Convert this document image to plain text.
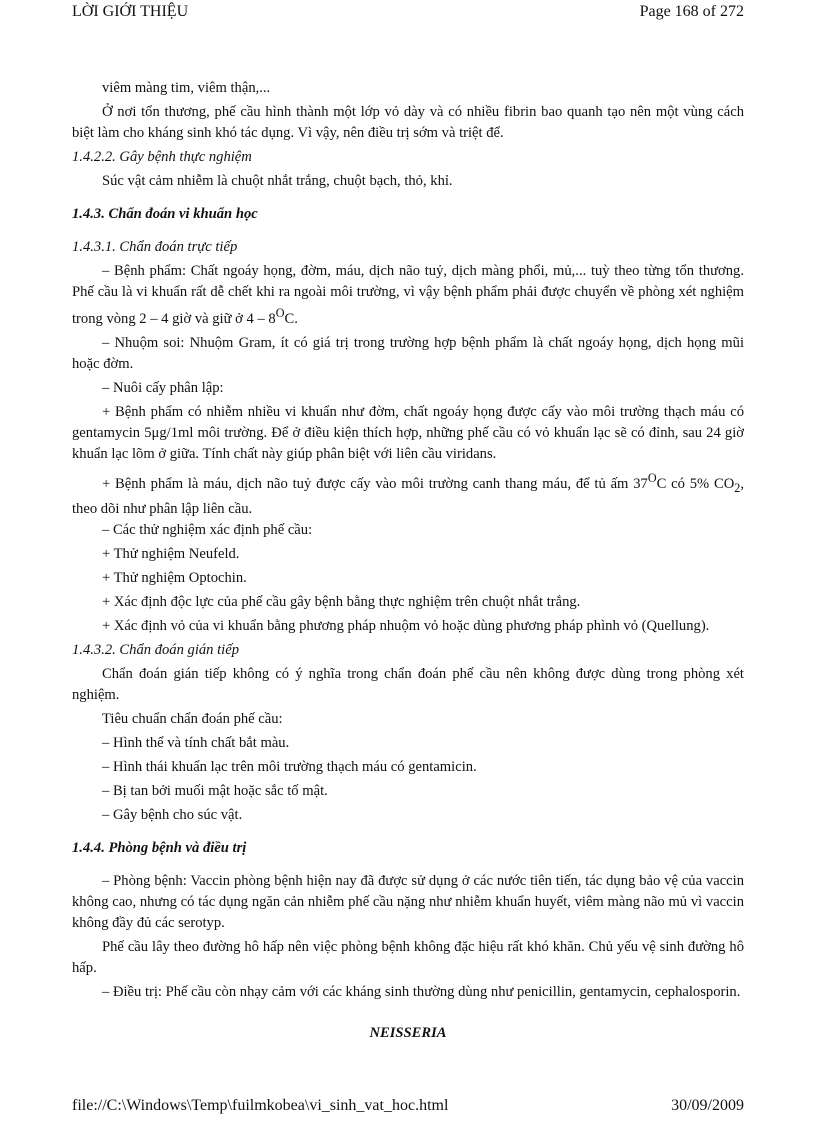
LỜI GIỚI THIỆU	Page 168 of 272

viêm màng tim, viêm thận,...

Ở nơi tổn thương, phế cầu hình thành một lớp vỏ dày và có nhiều fibrin bao quanh tạo nên một vùng cách biệt làm cho kháng sinh khó tác dụng. Vì vậy, nên điều trị sớm và triệt để.

1.4.2.2. Gây bệnh thực nghiệm

Súc vật cảm nhiễm là chuột nhắt trắng, chuột bạch, thỏ, khỉ.

1.4.3. Chẩn đoán vi khuẩn học

1.4.3.1. Chẩn đoán trực tiếp

– Bệnh phẩm: Chất ngoáy họng, đờm, máu, dịch não tuỷ, dịch màng phổi, mủ,... tuỳ theo từng tổn thương. Phế cầu là vi khuẩn rất dễ chết khi ra ngoài môi trường, vì vậy bệnh phẩm phải được chuyển về phòng xét nghiệm trong vòng 2 – 4 giờ và giữ ở $4 - 8^OC$.

– Nhuộm soi: Nhuộm Gram, ít có giá trị trong trường hợp bệnh phẩm là chất ngoáy họng, dịch họng mũi hoặc đờm.

– Nuôi cấy phân lập:

+ Bệnh phẩm có nhiễm nhiều vi khuẩn như đờm, chất ngoáy họng được cấy vào môi trường thạch máu có gentamycin 5μg/1ml môi trường. Để ở điều kiện thích hợp, những phế cầu có vỏ khuẩn lạc sẽ có đỉnh, sau 24 giờ khuẩn lạc lõm ở giữa. Tính chất này giúp phân biệt với liên cầu viridans.

+ Bệnh phẩm là máu, dịch não tuỷ được cấy vào môi trường canh thang máu, để tủ ấm $37^OC$ có 5% $CO_2$, theo dõi như phân lập liên cầu.

– Các thử nghiệm xác định phế cầu:

+ Thử nghiệm Neufeld.

+ Thử nghiệm Optochin.

+ Xác định độc lực của phế cầu gây bệnh bằng thực nghiệm trên chuột nhắt trắng.

+ Xác định vỏ của vi khuẩn bằng phương pháp nhuộm vỏ hoặc dùng phương pháp phình vỏ (Quellung).

1.4.3.2. Chẩn đoán gián tiếp

Chẩn đoán gián tiếp không có ý nghĩa trong chẩn đoán phế cầu nên không được dùng trong phòng xét nghiệm.

Tiêu chuẩn chẩn đoán phế cầu:

– Hình thể và tính chất bắt màu.

– Hình thái khuẩn lạc trên môi trường thạch máu có gentamicin.

– Bị tan bởi muối mật hoặc sắc tố mật.

– Gây bệnh cho súc vật.

1.4.4. Phòng bệnh và điều trị

– Phòng bệnh: Vaccin phòng bệnh hiện nay đã được sử dụng ở các nước tiên tiến, tác dụng bảo vệ của vaccin không cao, nhưng có tác dụng ngăn cản nhiễm phế cầu nặng như nhiễm khuẩn huyết, viêm màng não mủ vì vaccin không đầy đủ các serotyp.

Phế cầu lây theo đường hô hấp nên việc phòng bệnh không đặc hiệu rất khó khăn. Chủ yếu vệ sinh đường hô hấp.

– Điều trị: Phế cầu còn nhạy cảm với các kháng sinh thường dùng như penicillin, gentamycin, cephalosporin.

NEISSERIA

file://C:\Windows\Temp\fuilmkobea\vi_sinh_vat_hoc.html	30/09/2009
